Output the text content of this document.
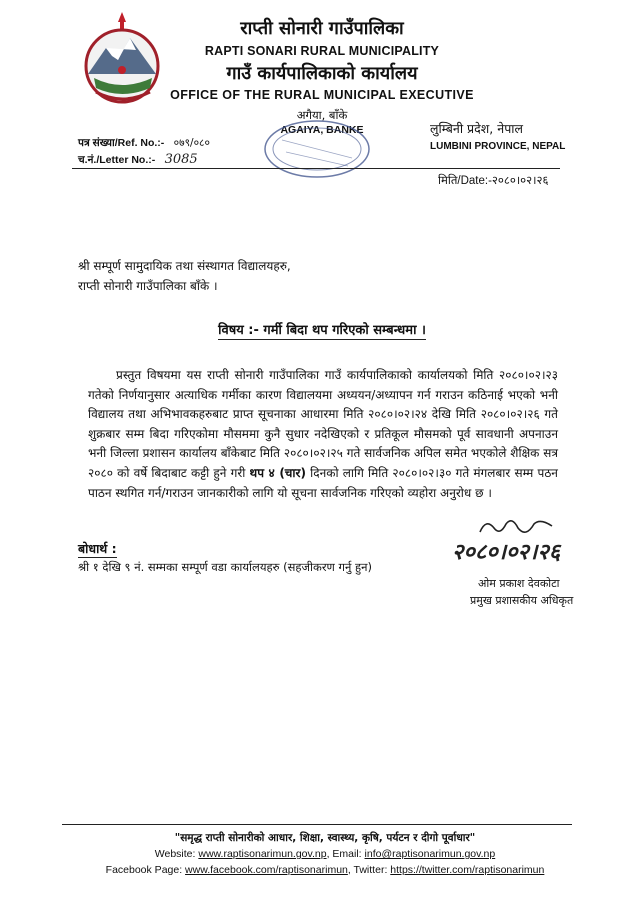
राप्ती सोनारी गाउँपालिका
RAPTI SONARI RURAL MUNICIPALITY
गाउँ कार्यपालिकाको कार्यालय
OFFICE OF THE RURAL MUNICIPAL EXECUTIVE
अगैया, बाँके
AGAIYA, BANKE	लुम्बिनी प्रदेश, नेपाल
LUMBINI PROVINCE, NEPAL
पत्र संख्या/Ref. No.:- ०७९/०८०
च.नं./Letter No.:- 3085
मिति/Date:-२०८०।०२।२६
श्री सम्पूर्ण सामुदायिक तथा संस्थागत विद्यालयहरु,
राप्ती सोनारी गाउँपालिका बाँके ।
विषय :- गर्मी बिदा थप गरिएको सम्बन्धमा ।
प्रस्तुत विषयमा यस राप्ती सोनारी गाउँपालिका गाउँ कार्यपालिकाको कार्यालयको मिति २०८०।०२।२३ गतेको निर्णयानुसार अत्याधिक गर्मीका कारण विद्यालयमा अध्ययन/अध्यापन गर्न गराउन कठिनाई भएको भनी विद्यालय तथा अभिभावकहरुबाट प्राप्त सूचनाका आधारमा मिति २०८०।०२।२४ देखि मिति २०८०।०२।२६ गते शुक्रबार सम्म बिदा गरिएकोमा मौसममा कुनै सुधार नदेखिएको र प्रतिकूल मौसमको पूर्व सावधानी अपनाउन भनी जिल्ला प्रशासन कार्यालय बाँकेबाट मिति २०८०।०२।२५ गते सार्वजनिक अपिल समेत भएकोले शैक्षिक सत्र २०८० को वर्षे बिदाबाट कट्टी हुने गरी थप ४ (चार) दिनको लागि मिति २०८०।०२।३० गते मंगलबार सम्म पठन पाठन स्थगित गर्न/गराउन जानकारीको लागि यो सूचना सार्वजनिक गरिएको व्यहोरा अनुरोध छ ।
बोधार्थ :
श्री १ देखि ९ नं. सम्मका सम्पूर्ण वडा कार्यालयहरु (सहजीकरण गर्नु हुन)
२०८०।०२।२६
ओम प्रकाश देवकोटा
प्रमुख प्रशासकीय अधिकृत
"समृद्ध राप्ती सोनारीको आधार, शिक्षा, स्वास्थ्य, कृषि, पर्यटन र दीगो पूर्वाधार"
Website: www.raptisonarimun.gov.np, Email: info@raptisonarimun.gov.np
Facebook Page: www.facebook.com/raptisonarimun, Twitter: https://twitter.com/raptisonarimun
